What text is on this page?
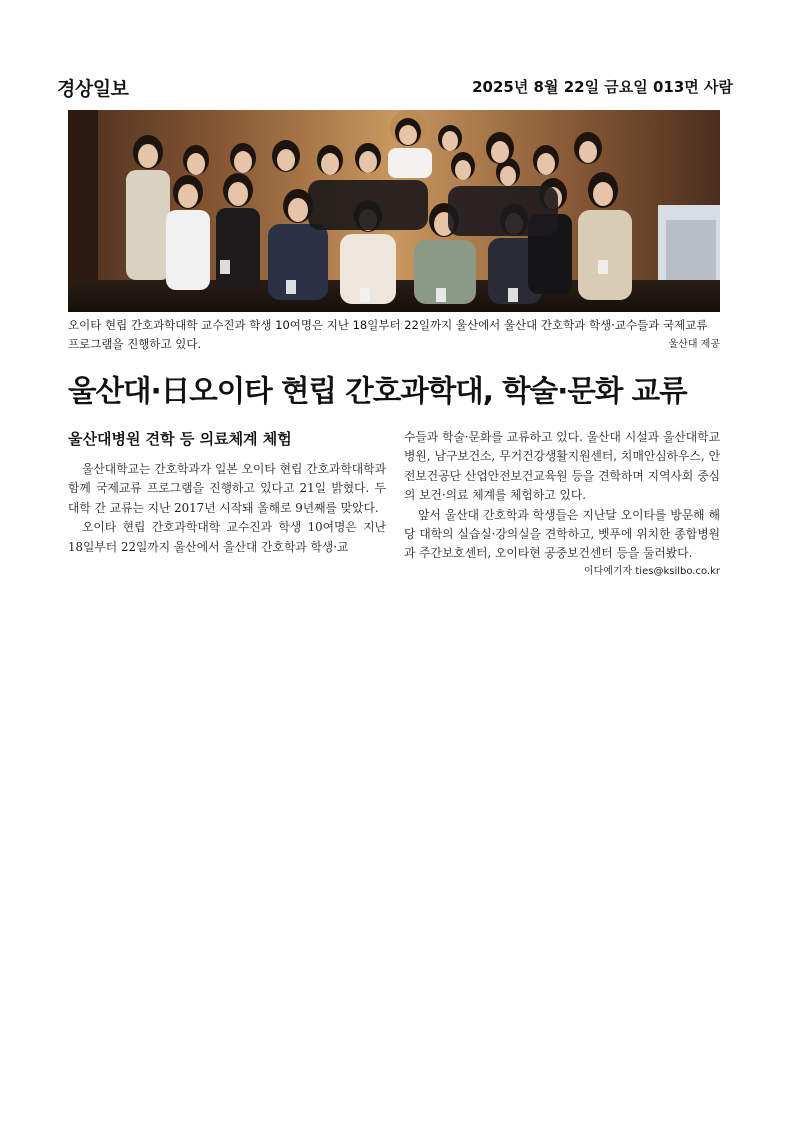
경상일보	2025년 8월 22일 금요일 013면 사람
오이타 현립 간호과학대학 교수진과 학생 10여명은 지난 18일부터 22일까지 울산에서 울산대 간호학과 학생·교수들과 국제교류 프로그램을 진행하고 있다.	울산대 제공
울산대·日오이타 현립 간호과학대, 학술·문화 교류
울산대병원 견학 등 의료체계 체험

울산대학교는 간호학과가 일본 오이타 현립 간호과학대학과 함께 국제교류 프로그램을 진행하고 있다고 21일 밝혔다. 두 대학 간 교류는 지난 2017년 시작돼 올해로 9년째를 맞았다.

오이타 현립 간호과학대학 교수진과 학생 10여명은 지난 18일부터 22일까지 울산에서 울산대 간호학과 학생·교

수들과 학술·문화를 교류하고 있다. 울산대 시설과 울산대학교병원, 남구보건소, 무거건강생활지원센터, 치매안심하우스, 안전보건공단 산업안전보건교육원 등을 견학하며 지역사회 중심의 보건·의료 체계를 체험하고 있다.

앞서 울산대 간호학과 학생들은 지난달 오이타를 방문해 해당 대학의 실습실·강의실을 견학하고, 벳푸에 위치한 종합병원과 주간보호센터, 오이타현 공중보건센터 등을 둘러봤다.

이다예기자 ties@ksilbo.co.kr
